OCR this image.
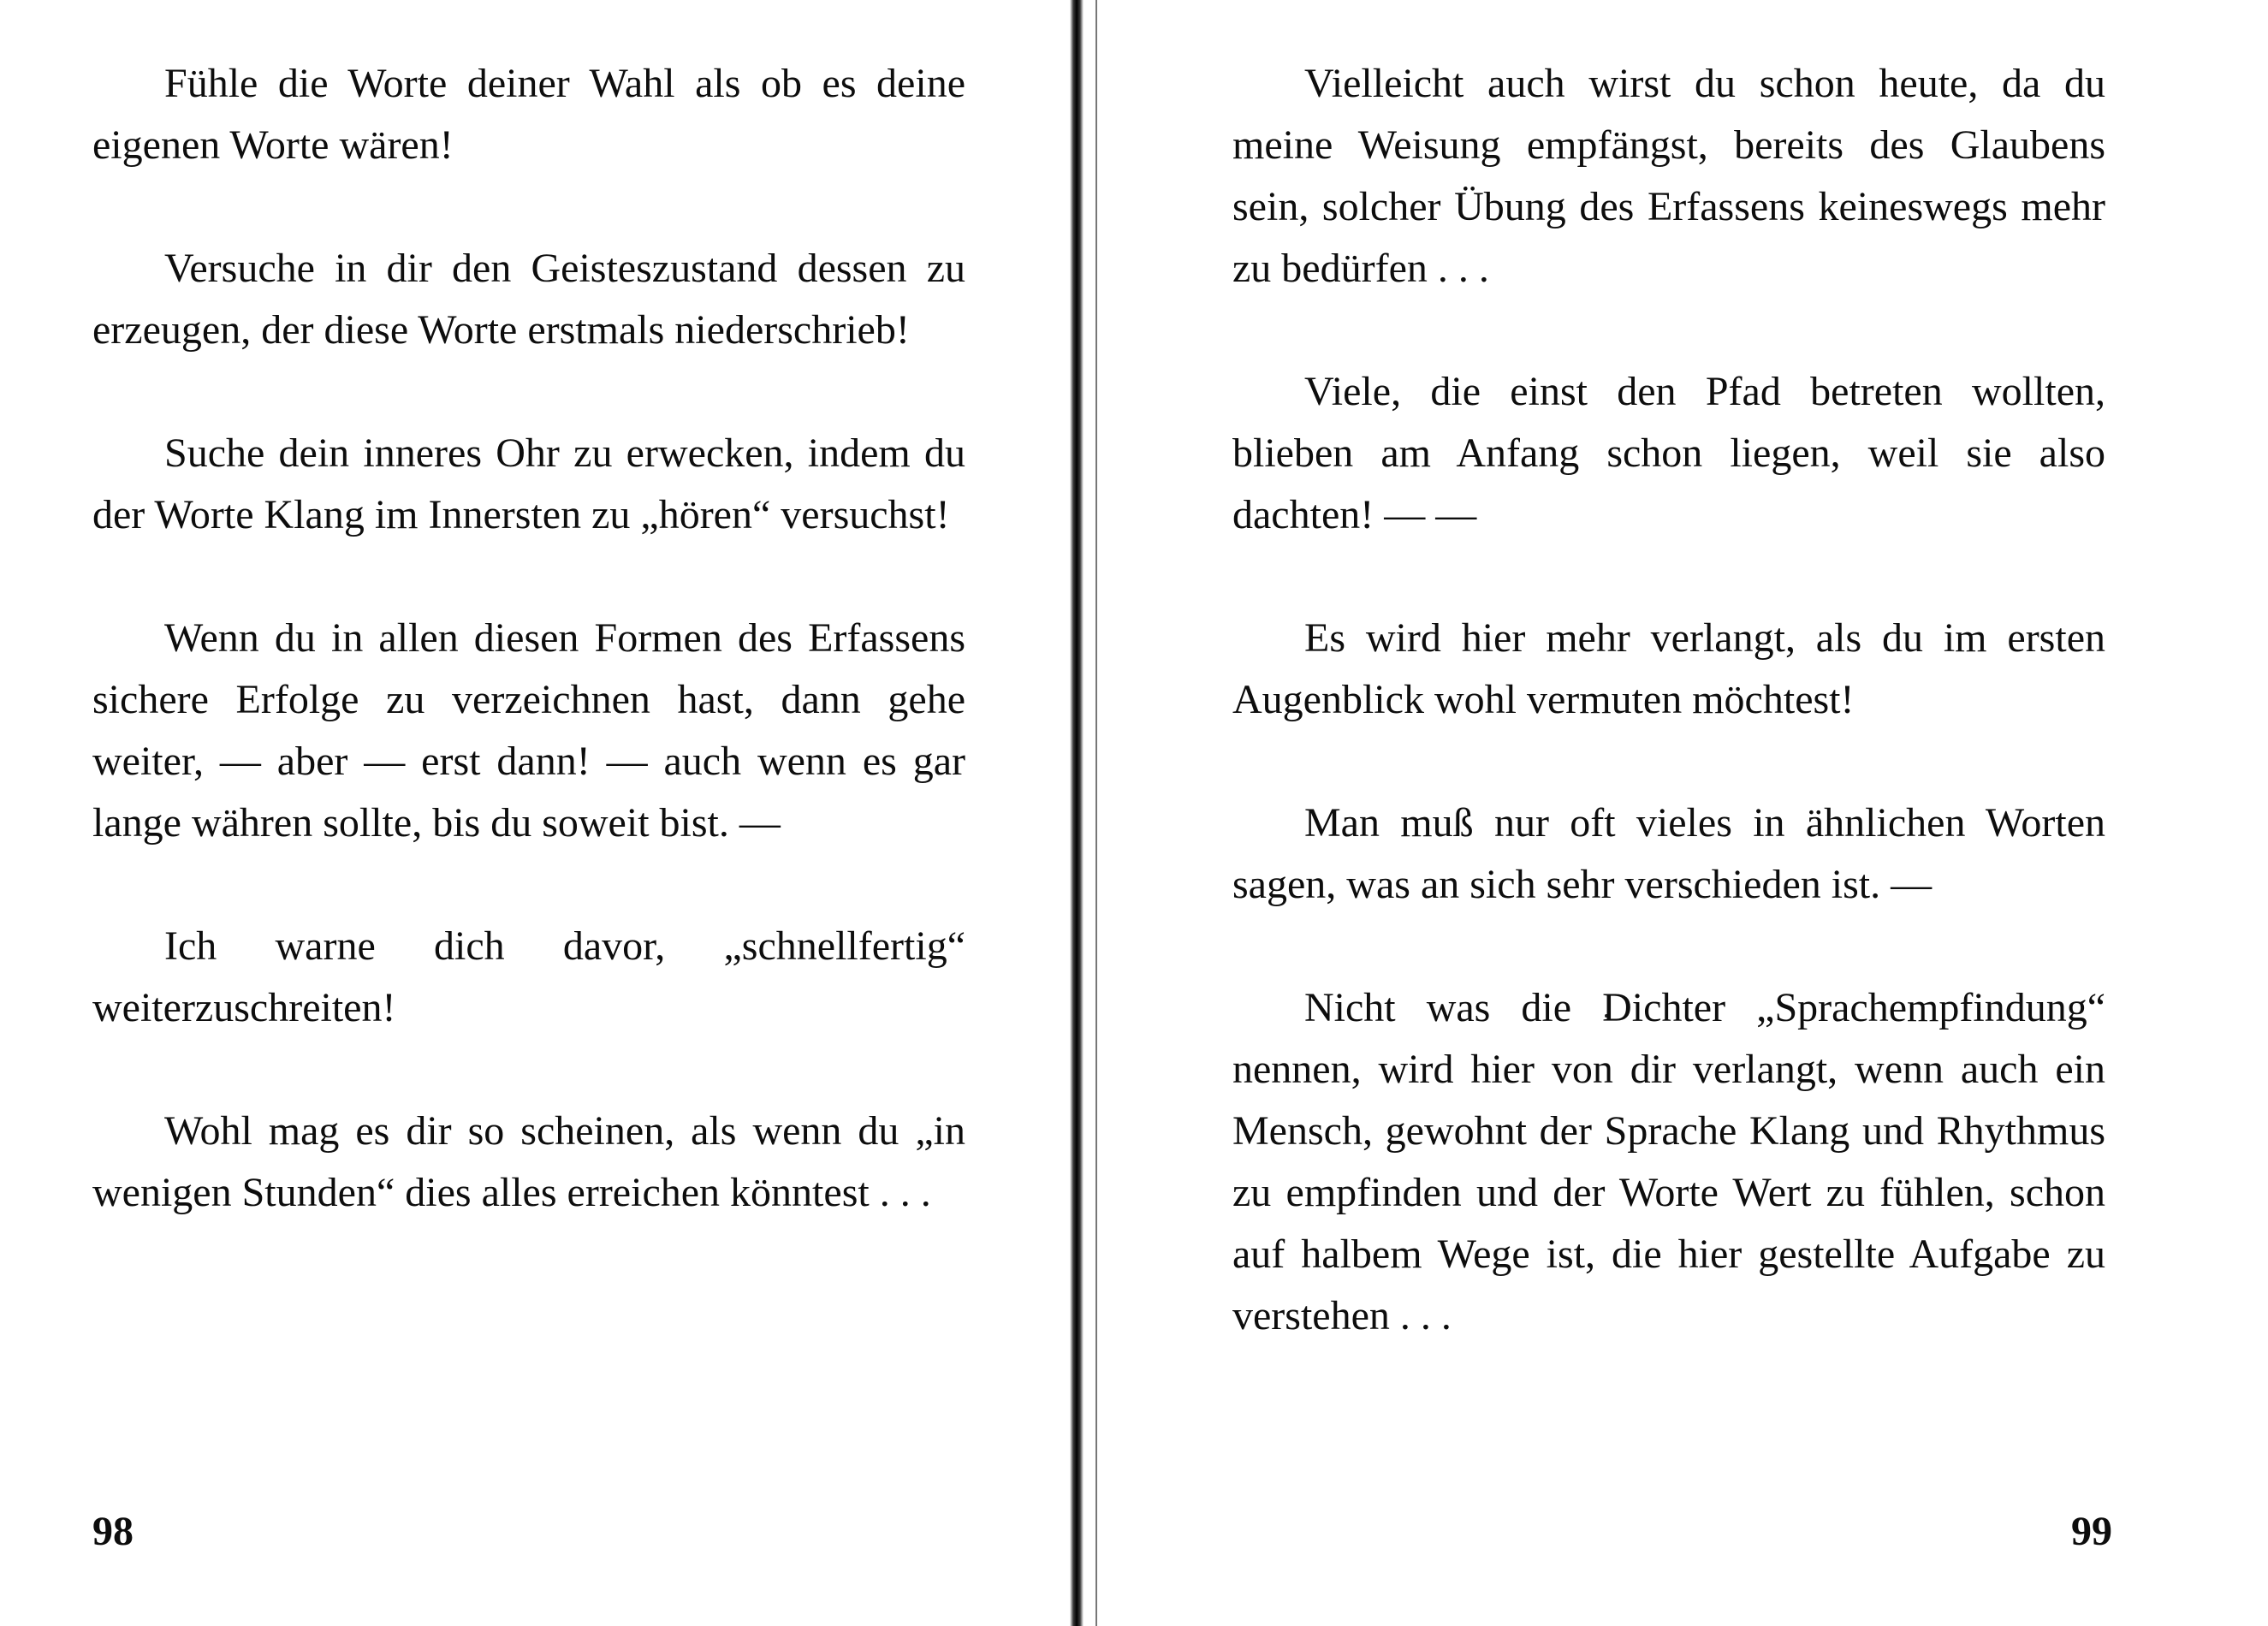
Fühle die Worte deiner Wahl als ob es deine eigenen Worte wären!

Versuche in dir den Geisteszustand dessen zu erzeugen, der diese Worte erstmals niederschrieb!

Suche dein inneres Ohr zu erwecken, indem du der Worte Klang im Innersten zu „hören“ versuchst!

Wenn du in allen diesen Formen des Erfassens sichere Erfolge zu verzeichnen hast, dann gehe weiter, — aber — erst dann! — auch wenn es gar lange währen sollte, bis du soweit bist. —

Ich warne dich davor, „schnellfertig“ weiterzuschreiten!

Wohl mag es dir so scheinen, als wenn du „in wenigen Stunden“ dies alles erreichen könntest . . .

98

Vielleicht auch wirst du schon heute, da du meine Weisung empfängst, bereits des Glaubens sein, solcher Übung des Erfassens keineswegs mehr zu bedürfen . . .

Viele, die einst den Pfad betreten wollten, blieben am Anfang schon liegen, weil sie also dachten! — —

Es wird hier mehr verlangt, als du im ersten Augenblick wohl vermuten möchtest!

Man muß nur oft vieles in ähnlichen Worten sagen, was an sich sehr verschieden ist. —

Nicht was die Dichter „Sprachempfindung“ nennen, wird hier von dir verlangt, wenn auch ein Mensch, gewohnt der Sprache Klang und Rhythmus zu empfinden und der Worte Wert zu fühlen, schon auf halbem Wege ist, die hier gestellte Aufgabe zu verstehen . . .

99
